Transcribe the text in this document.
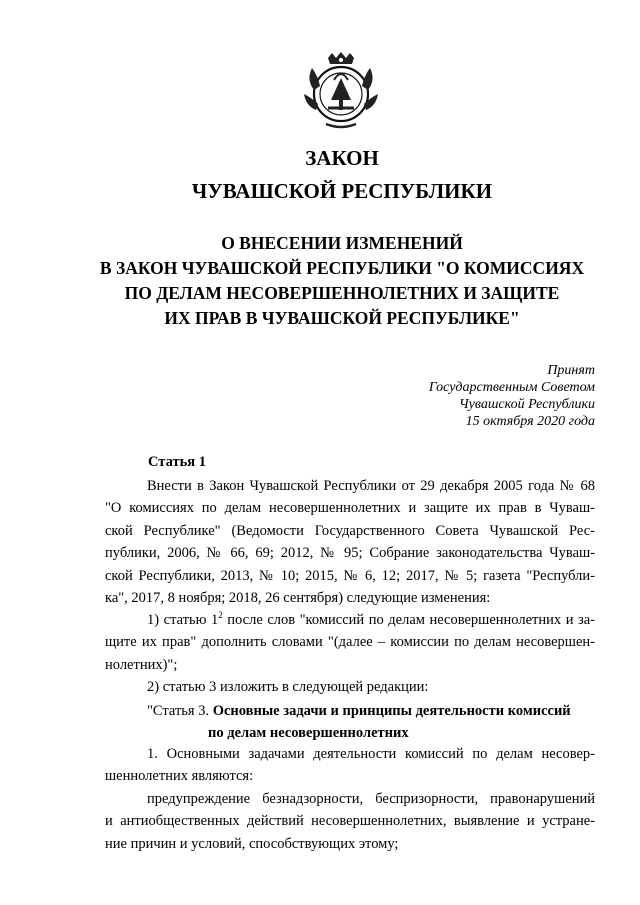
ЗАКОН
ЧУВАШСКОЙ РЕСПУБЛИКИ
О ВНЕСЕНИИ ИЗМЕНЕНИЙ
В ЗАКОН ЧУВАШСКОЙ РЕСПУБЛИКИ "О КОМИССИЯХ
ПО ДЕЛАМ НЕСОВЕРШЕННОЛЕТНИХ И ЗАЩИТЕ
ИХ ПРАВ В ЧУВАШСКОЙ РЕСПУБЛИКЕ"
Принят
Государственным Советом
Чувашской Республики
15 октября 2020 года
Статья 1
Внести в Закон Чувашской Республики от 29 декабря 2005 года № 68
"О комиссиях по делам несовершеннолетних и защите их прав в Чуваш-
ской Республике" (Ведомости Государственного Совета Чувашской Рес-
публики, 2006, № 66, 69; 2012, № 95; Собрание законодательства Чуваш-
ской Республики, 2013, № 10; 2015, № 6, 12; 2017, № 5; газета "Республи-
ка", 2017, 8 ноября; 2018, 26 сентября) следующие изменения:
1) статью $1^2$ после слов "комиссий по делам несовершеннолетних и за-
щите их прав" дополнить словами "(далее – комиссии по делам несовершен-
нолетних)";
2) статью 3 изложить в следующей редакции:
"Статья 3. Основные задачи и принципы деятельности комиссий
по делам несовершеннолетних
1. Основными задачами деятельности комиссий по делам несовер-
шеннолетних являются:
предупреждение безнадзорности, беспризорности, правонарушений
и антиобщественных действий несовершеннолетних, выявление и устране-
ние причин и условий, способствующих этому;
